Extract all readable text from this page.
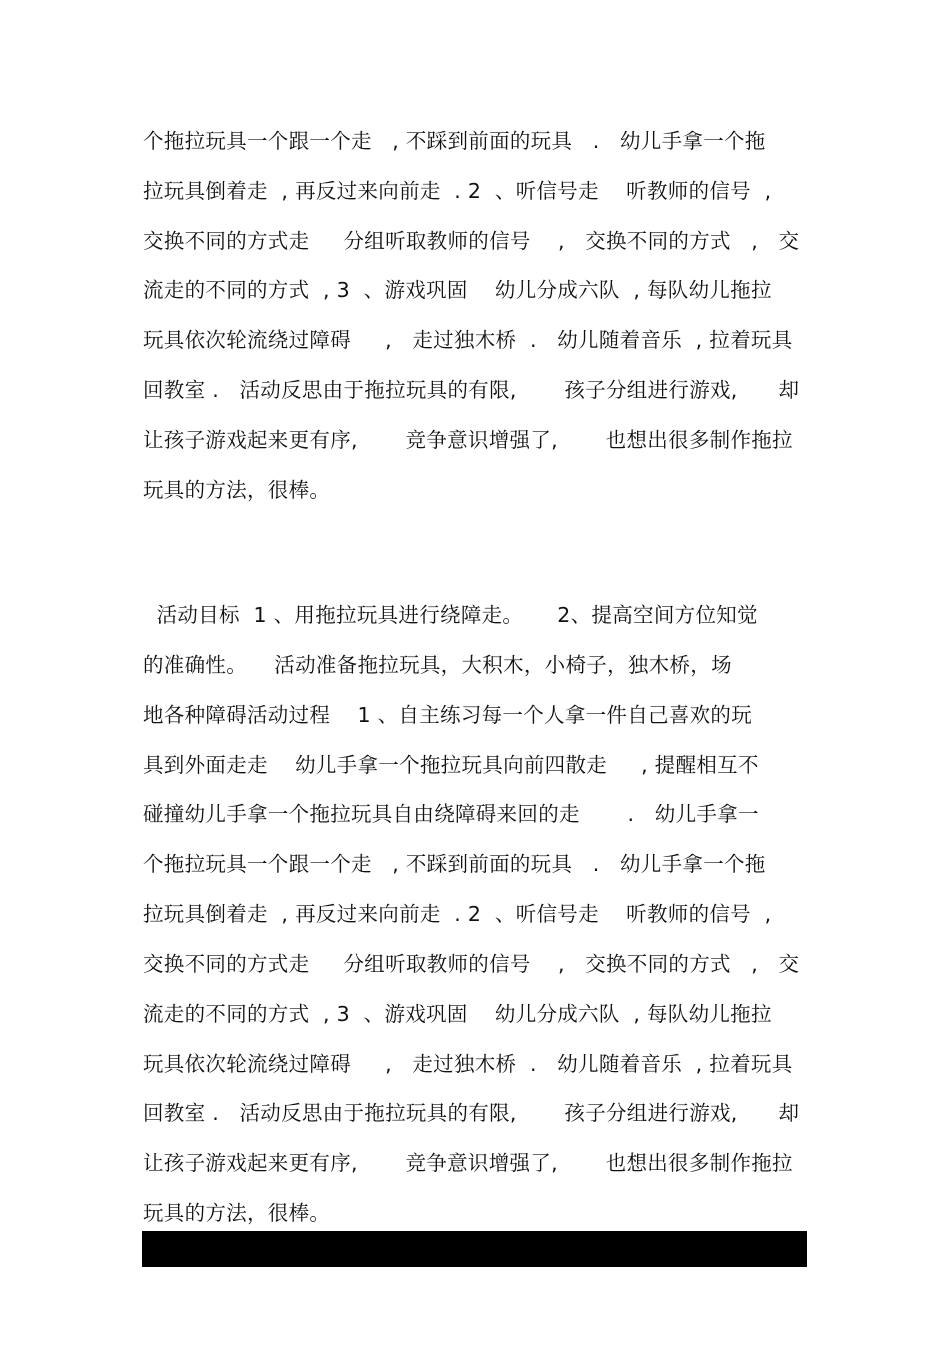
个拖拉玩具一个跟一个走   , 不踩到前面的玩具   .   幼儿手拿一个拖
拉玩具倒着走  , 再反过来向前走  . 2  、听信号走    听教师的信号  ,
交换不同的方式走     分组听取教师的信号    ,   交换不同的方式   ,   交
流走的不同的方式  , 3  、游戏巩固    幼儿分成六队  , 每队幼儿拖拉
玩具依次轮流绕过障碍     ,   走过独木桥  .   幼儿随着音乐  , 拉着玩具
回教室 .   活动反思由于拖拉玩具的有限,       孩子分组进行游戏,      却
让孩子游戏起来更有序,       竞争意识增强了,       也想出很多制作拖拉
玩具的方法，很棒。
活动目标  1 、用拖拉玩具进行绕障走。     2、提高空间方位知觉
的准确性。    活动准备拖拉玩具，大积木，小椅子，独木桥，场
地各种障碍活动过程    1 、自主练习每一个人拿一件自己喜欢的玩
具到外面走走    幼儿手拿一个拖拉玩具向前四散走     , 提醒相互不
碰撞幼儿手拿一个拖拉玩具自由绕障碍来回的走       .   幼儿手拿一
个拖拉玩具一个跟一个走   , 不踩到前面的玩具   .   幼儿手拿一个拖
拉玩具倒着走  , 再反过来向前走  . 2  、听信号走    听教师的信号  ,
交换不同的方式走     分组听取教师的信号    ,   交换不同的方式   ,   交
流走的不同的方式  , 3  、游戏巩固    幼儿分成六队  , 每队幼儿拖拉
玩具依次轮流绕过障碍     ,   走过独木桥  .   幼儿随着音乐  , 拉着玩具
回教室 .   活动反思由于拖拉玩具的有限,       孩子分组进行游戏,      却
让孩子游戏起来更有序,       竞争意识增强了,       也想出很多制作拖拉
玩具的方法，很棒。
